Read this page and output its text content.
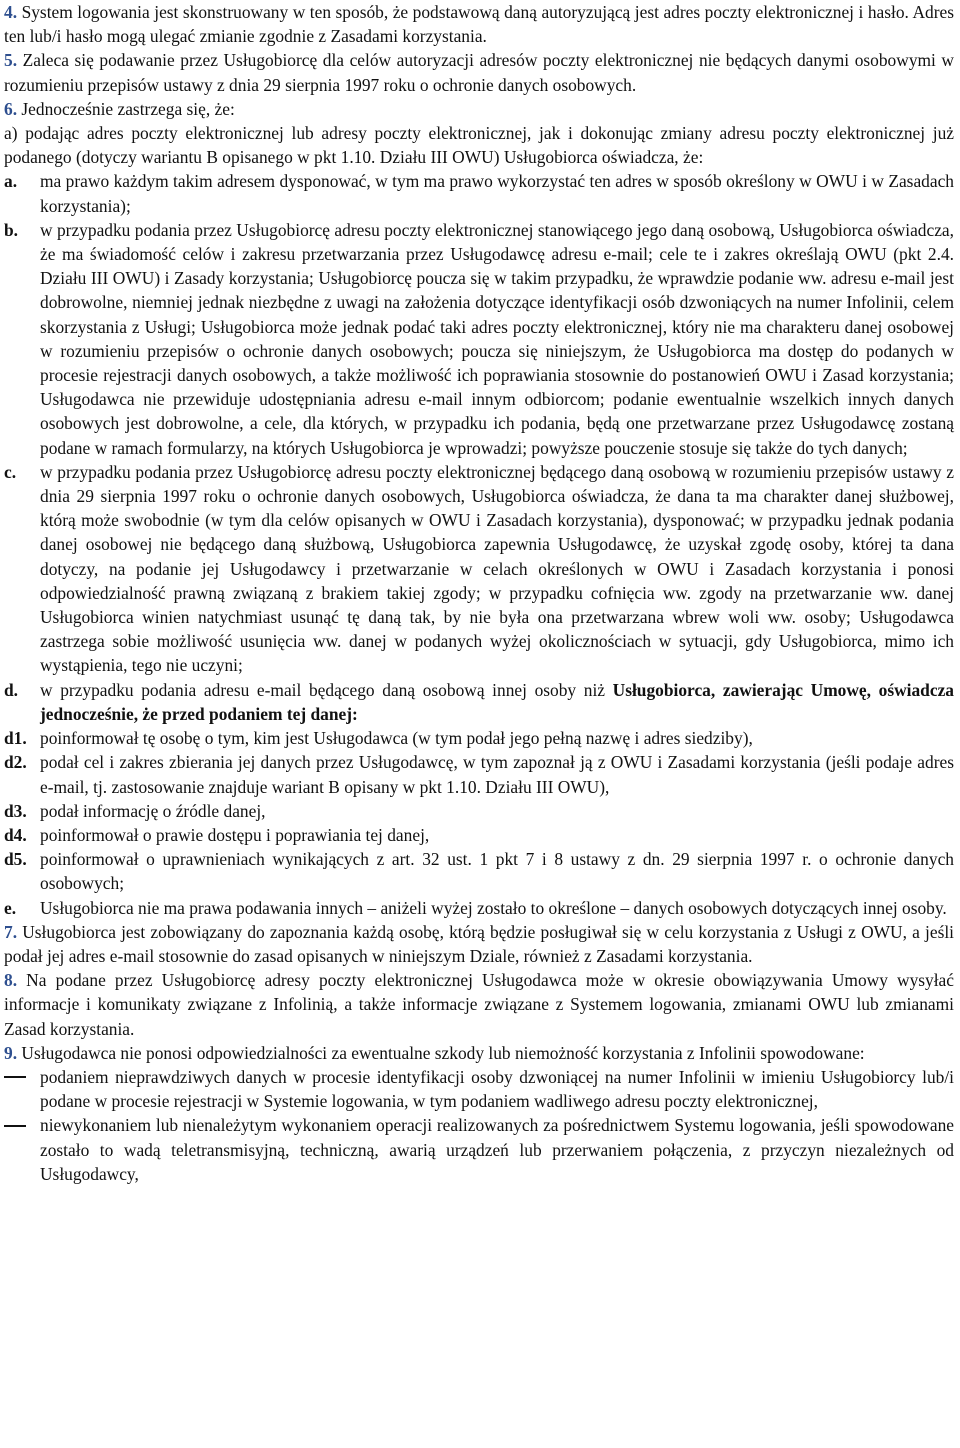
4. System logowania jest skonstruowany w ten sposób, że podstawową daną autoryzującą jest adres poczty elektronicznej i hasło. Adres ten lub/i hasło mogą ulegać zmianie zgodnie z Zasadami korzystania.

5. Zaleca się podawanie przez Usługobiorcę dla celów autoryzacji adresów poczty elektronicznej nie będących danymi osobowymi w rozumieniu przepisów ustawy z dnia 29 sierpnia 1997 roku o ochronie danych osobowych.

6. Jednocześnie zastrzega się, że:

a) podając adres poczty elektronicznej lub adresy poczty elektronicznej, jak i dokonując zmiany adresu poczty elektronicznej już podanego (dotyczy wariantu B opisanego w pkt 1.10. Działu III OWU) Usługobiorca oświadcza, że:

a.	ma prawo każdym takim adresem dysponować, w tym ma prawo wykorzystać ten adres w sposób określony w OWU i w Zasadach korzystania);
b.	w przypadku podania przez Usługobiorcę adresu poczty elektronicznej stanowiącego jego daną osobową, Usługobiorca oświadcza, że ma świadomość celów i zakresu przetwarzania przez Usługodawcę adresu e-mail; cele te i zakres określają OWU (pkt 2.4. Działu III OWU) i Zasady korzystania; Usługobiorcę poucza się w takim przypadku, że wprawdzie podanie ww. adresu e-mail jest dobrowolne, niemniej jednak niezbędne z uwagi na założenia dotyczące identyfikacji osób dzwoniących na numer Infolinii, celem skorzystania z Usługi; Usługobiorca może jednak podać taki adres poczty elektronicznej, który nie ma charakteru danej osobowej w rozumieniu przepisów o ochronie danych osobowych; poucza się niniejszym, że Usługobiorca ma dostęp do podanych w procesie rejestracji danych osobowych, a także możliwość ich poprawiania stosownie do postanowień OWU i Zasad korzystania; Usługodawca nie przewiduje udostępniania adresu e-mail innym odbiorcom; podanie ewentualnie wszelkich innych danych osobowych jest dobrowolne, a cele, dla których, w przypadku ich podania, będą one przetwarzane przez Usługodawcę zostaną podane w ramach formularzy, na których Usługobiorca je wprowadzi; powyższe pouczenie stosuje się także do tych danych;
c.	w przypadku podania przez Usługobiorcę adresu poczty elektronicznej będącego daną osobową w rozumieniu przepisów ustawy z dnia 29 sierpnia 1997 roku o ochronie danych osobowych, Usługobiorca oświadcza, że dana ta ma charakter danej służbowej, którą może swobodnie (w tym dla celów opisanych w OWU i Zasadach korzystania), dysponować; w przypadku jednak podania danej osobowej nie będącego daną służbową, Usługobiorca zapewnia Usługodawcę, że uzyskał zgodę osoby, której ta dana dotyczy, na podanie jej Usługodawcy i przetwarzanie w celach określonych w OWU i Zasadach korzystania i ponosi odpowiedzialność prawną związaną z brakiem takiej zgody; w przypadku cofnięcia ww. zgody na przetwarzanie ww. danej Usługobiorca winien natychmiast usunąć tę daną tak, by nie była ona przetwarzana wbrew woli ww. osoby; Usługodawca zastrzega sobie możliwość usunięcia ww. danej w podanych wyżej okolicznościach w sytuacji, gdy Usługobiorca, mimo ich wystąpienia, tego nie uczyni;
d.	w przypadku podania adresu e-mail będącego daną osobową innej osoby niż Usługobiorca, zawierając Umowę, oświadcza jednocześnie, że przed podaniem tej danej:
d1. poinformował tę osobę o tym, kim jest Usługodawca (w tym podał jego pełną nazwę i adres siedziby),
d2. podał cel i zakres zbierania jej danych przez Usługodawcę, w tym zapoznał ją z OWU i Zasadami korzystania (jeśli podaje adres e-mail, tj. zastosowanie znajduje wariant B opisany w pkt 1.10. Działu III OWU),
d3. podał informację o źródle danej,
d4. poinformował o prawie dostępu i poprawiania tej danej,
d5. poinformował o uprawnieniach wynikających z art. 32 ust. 1 pkt 7 i 8 ustawy z dn. 29 sierpnia 1997 r. o ochronie danych osobowych;
e.	Usługobiorca nie ma prawa podawania innych – aniżeli wyżej zostało to określone – danych osobowych dotyczących innej osoby.

7. Usługobiorca jest zobowiązany do zapoznania każdą osobę, którą będzie posługiwał się w celu korzystania z Usługi z OWU, a jeśli podał jej adres e-mail stosownie do zasad opisanych w niniejszym Dziale, również z Zasadami korzystania.

8. Na podane przez Usługobiorcę adresy poczty elektronicznej Usługodawca może w okresie obowiązywania Umowy wysyłać informacje i komunikaty związane z Infolinią, a także informacje związane z Systemem logowania, zmianami OWU lub zmianami Zasad korzystania.

9. Usługodawca nie ponosi odpowiedzialności za ewentualne szkody lub niemożność korzystania z Infolinii spowodowane:

podaniem nieprawdziwych danych w procesie identyfikacji osoby dzwoniącej na numer Infolinii w imieniu Usługobiorcy lub/i podane w procesie rejestracji w Systemie logowania, w tym podaniem wadliwego adresu poczty elektronicznej,
niewykonaniem lub nienależytym wykonaniem operacji realizowanych za pośrednictwem Systemu logowania, jeśli spowodowane zostało to wadą teletransmisyjną, techniczną, awarią urządzeń lub przerwaniem połączenia, z przyczyn niezależnych od Usługodawcy,
